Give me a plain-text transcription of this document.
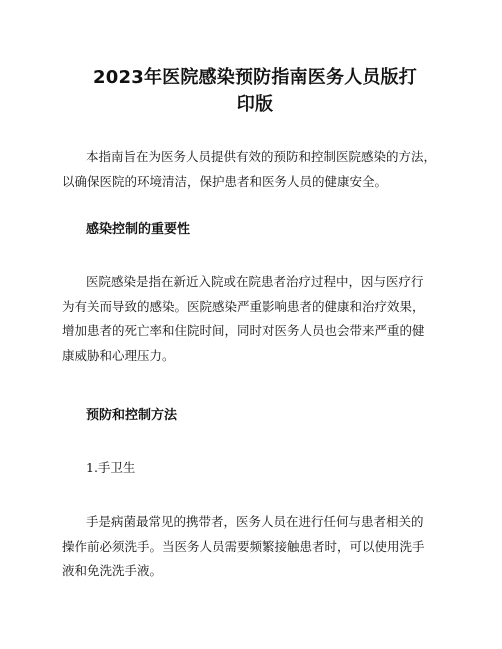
2023年医院感染预防指南医务人员版打
印版

本指南旨在为医务人员提供有效的预防和控制医院感染的方法，
以确保医院的环境清洁，保护患者和医务人员的健康安全。

感染控制的重要性

医院感染是指在新近入院或在院患者治疗过程中，因与医疗行
为有关而导致的感染。医院感染严重影响患者的健康和治疗效果，
增加患者的死亡率和住院时间，同时对医务人员也会带来严重的健
康威胁和心理压力。

预防和控制方法
1.手卫生

手是病菌最常见的携带者，医务人员在进行任何与患者相关的
操作前必须洗手。当医务人员需要频繁接触患者时，可以使用洗手
液和免洗洗手液。
